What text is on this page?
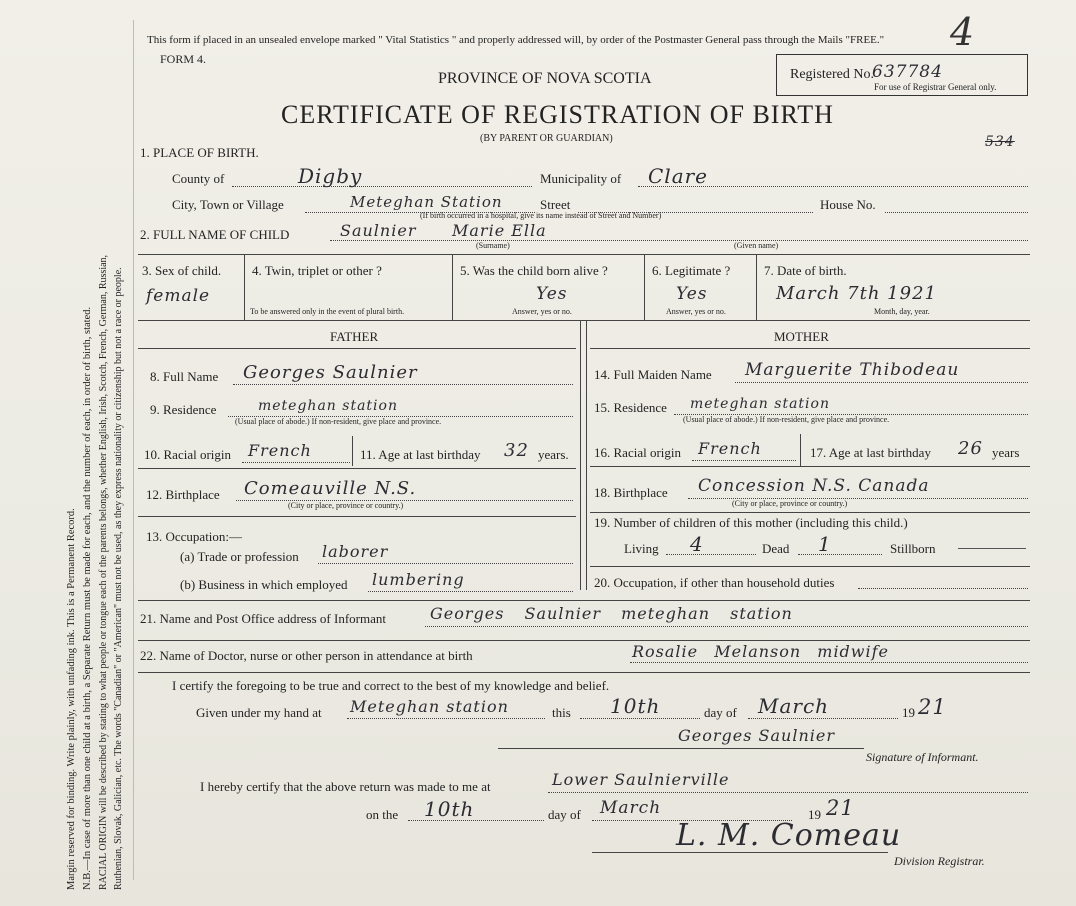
Margin reserved for binding. Write plainly, with unfading ink. This is a Permanent Record. N.B.—In case of more than one child at a birth, a Separate Return must be made for each, and the number of each, in order of birth, stated. RACIAL ORIGIN will be described by stating to what people or tongue each of the parents belongs, whether English, Irish, Scotch, French, German, Russian, Ruthenian, Slovak, Galician, etc. The words "Canadian" or "American" must not be used, as they express nationality or citizenship but not a race or people.
This form if placed in an unsealed envelope marked " Vital Statistics " and properly addressed will, by order of the Postmaster General pass through the Mails "FREE." 4
FORM 4.
PROVINCE OF NOVA SCOTIA
CERTIFICATE OF REGISTRATION OF BIRTH
(BY PARENT OR GUARDIAN)
Registered No.
637784
For use of Registrar General only.
534
1. PLACE OF BIRTH.
County of	Digby	Municipality of Clare
City, Town or Village	Meteghan Station	Street	House No.
(If birth occurred in a hospital, give its name instead of Street and Number)
2. FULL NAME OF CHILD	Saulnier Marie Ella
(Surname)	(Given name)
3. Sex of child.
female
4. Twin, triplet or other ?
To be answered only in the event of plural birth.
5. Was the child born alive ?
Yes
Answer, yes or no.
6. Legitimate ?
Yes
Answer, yes or no.
7. Date of birth.
March 7th 1921
Month, day, year.
FATHER	MOTHER
8. Full Name Georges Saulnier
9. Residence	meteghan station
(Usual place of abode.) If non-resident, give place and province.
10. Racial origin French	11. Age at last birthday 32 years.
12. Birthplace Comeauville N.S.
(City or place, province or country.)
13. Occupation:—
(a) Trade or profession laborer
(b) Business in which employed lumbering
14. Full Maiden Name Marguerite Thibodeau
15. Residence meteghan station
(Usual place of abode.) If non-resident, give place and province.
16. Racial origin French	17. Age at last birthday 26 years
18. Birthplace Concession N.S. Canada
(City or place, province or country.)
19. Number of children of this mother (including this child.)
Living 4	Dead 1	Stillborn
20. Occupation, if other than household duties
21. Name and Post Office address of Informant	Georges Saulnier meteghan station
22. Name of Doctor, nurse or other person in attendance at birth	Rosalie Melanson midwife
I certify the foregoing to be true and correct to the best of my knowledge and belief.
Given under my hand at Meteghan station	this 10th	day of March	19 21
Georges Saulnier
Signature of Informant.
I hereby certify that the above return was made to me at	Lower Saulnierville
on the 10th	day of March	19 21
L. M. Comeau
Division Registrar.
